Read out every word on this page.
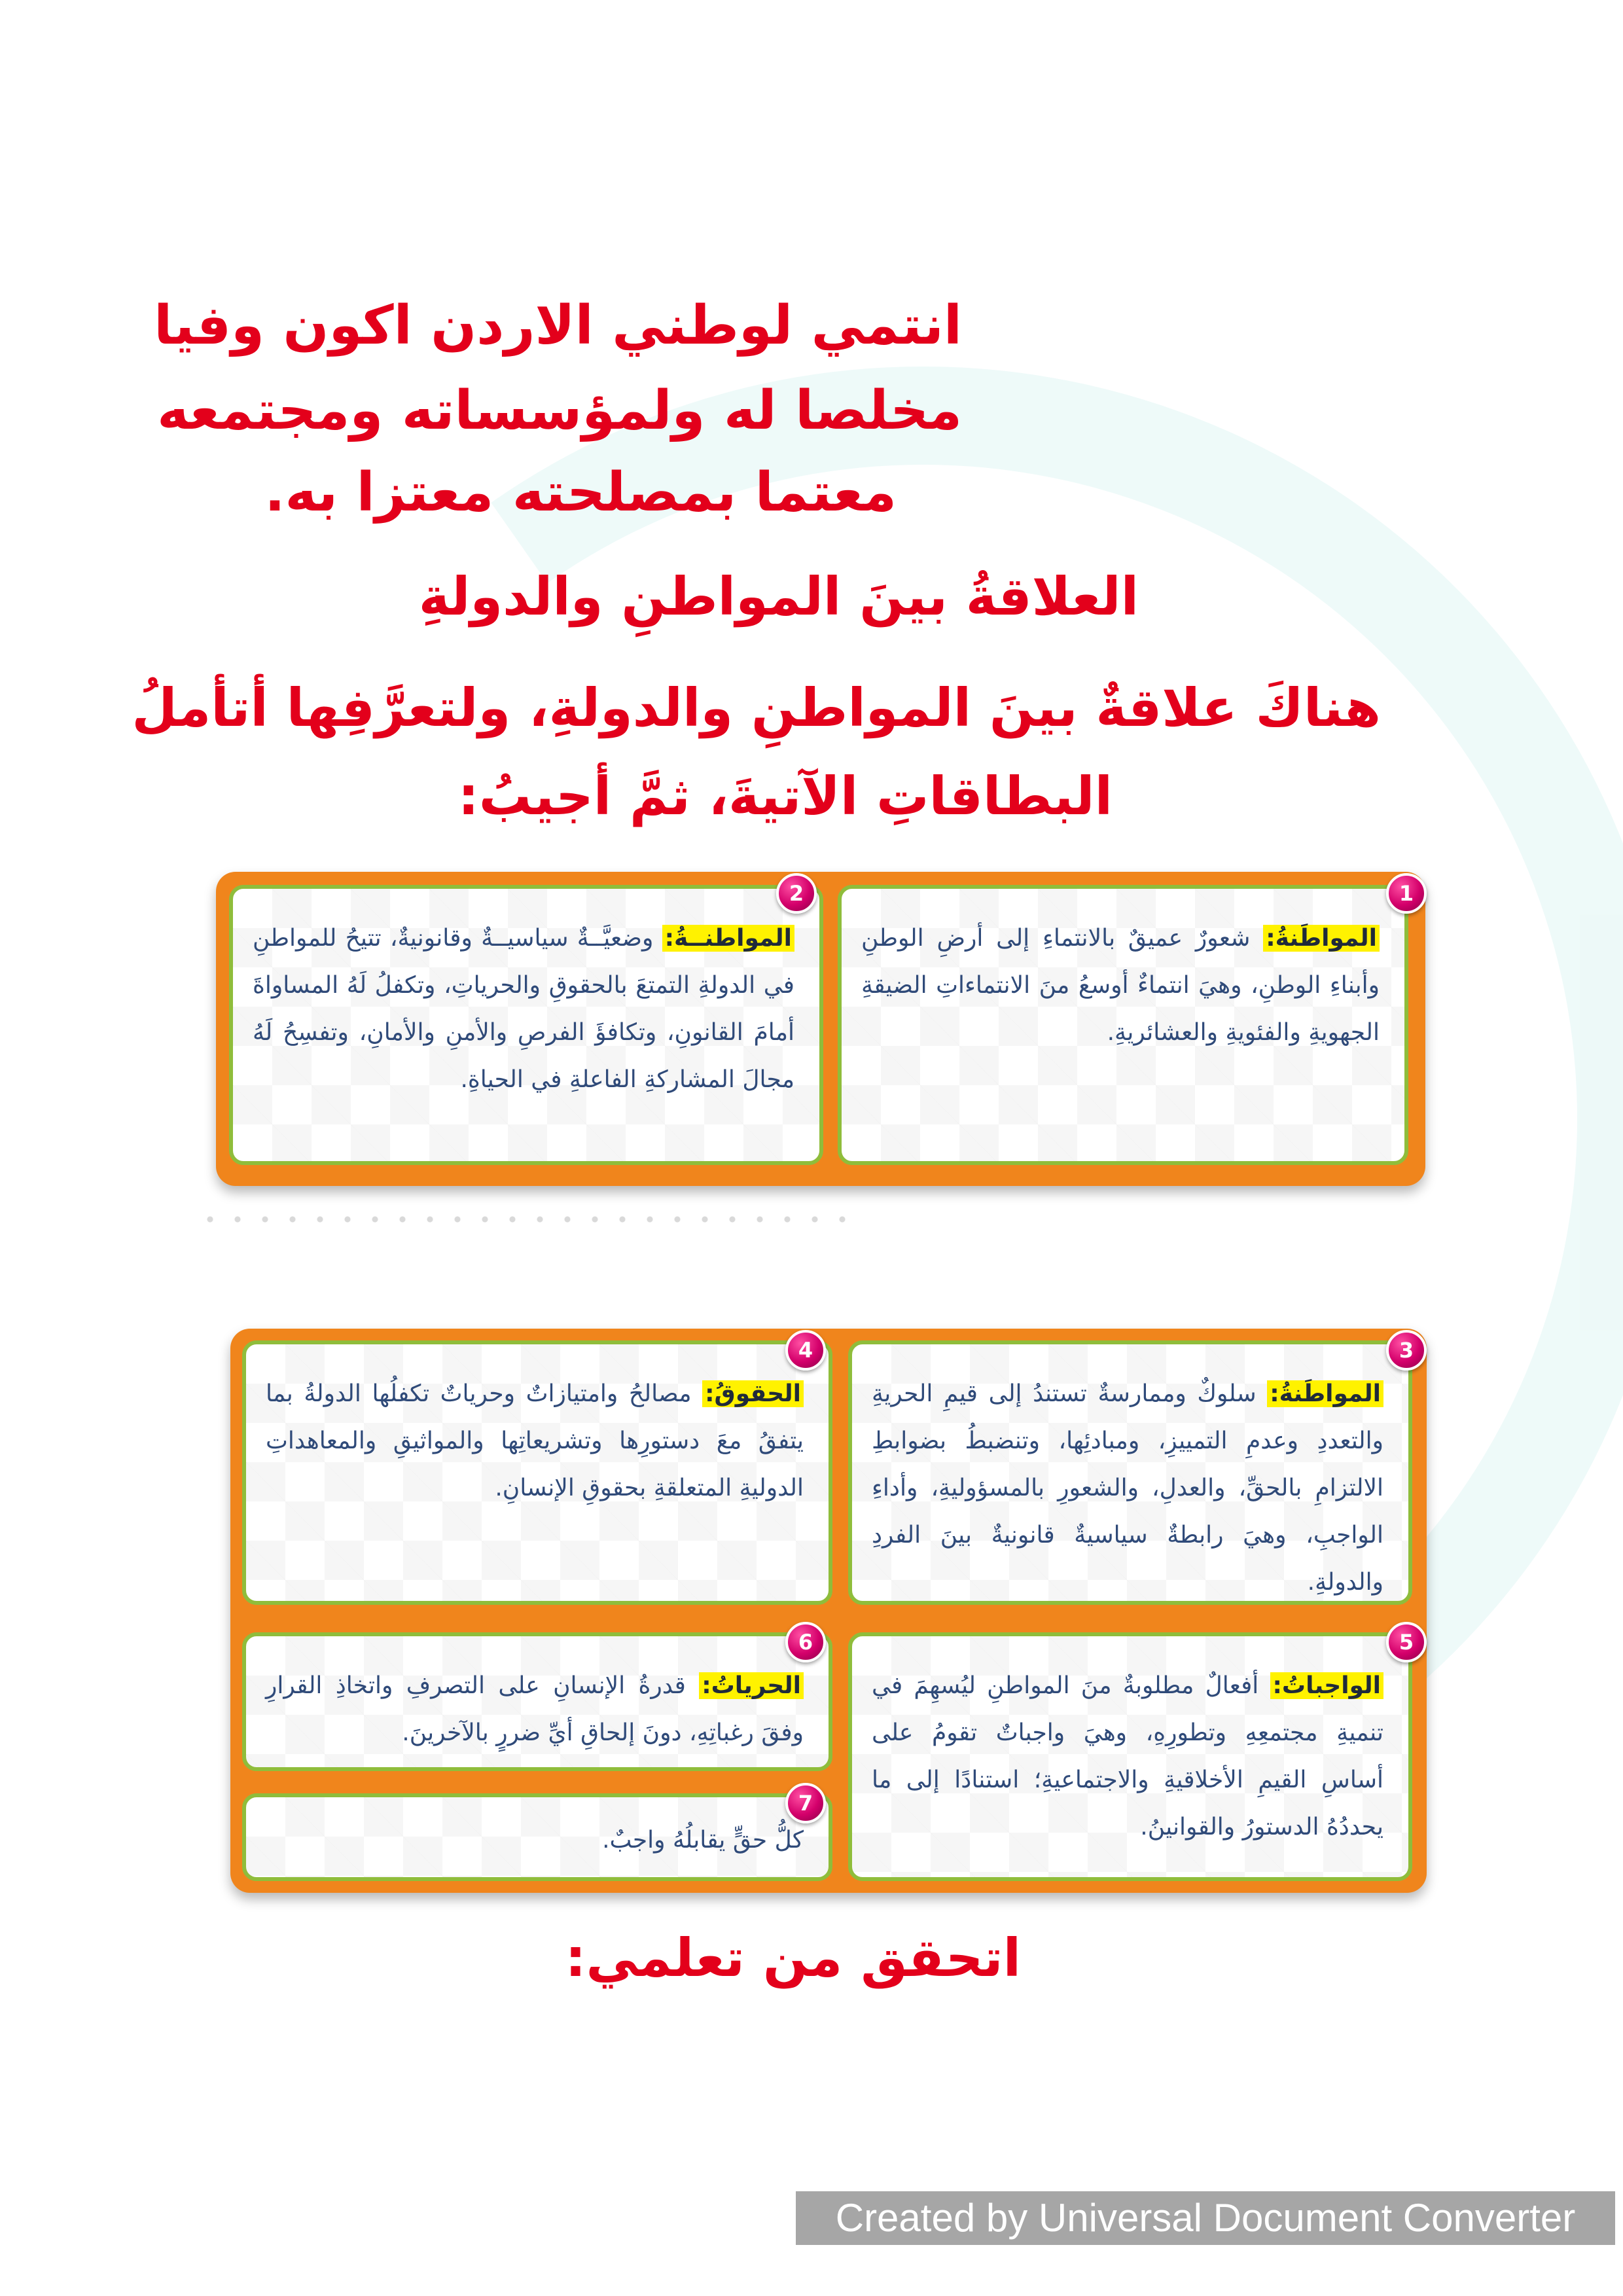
انتمي لوطني الاردن اكون وفيا
مخلصا له ولمؤسساته ومجتمعه
معتما بمصلحته معتزا به.
العلاقةُ بينَ المواطنِ والدولةِ
هناكَ علاقةٌ بينَ المواطنِ والدولةِ، ولتعرَّفِها أتأملُ
البطاقاتِ الآتيةَ، ثمَّ أجيبُ:
المواطَنةُ: شعورٌ عميقٌ بالانتماءِ إلى أرضِ الوطنِ وأبناءِ الوطنِ، وهيَ انتماءٌ أوسعُ منَ الانتماءاتِ الضيقةِ الجهويةِ والفئويةِ والعشائريةِ.
1
المواطنــةُ: وضعيَّــةٌ سياسيــةٌ وقانونيةٌ، تتيحُ للمواطنِ في الدولةِ التمتعَ بالحقوقِ والحرياتِ، وتكفلُ لَهُ المساواةَ أمامَ القانونِ، وتكافؤَ الفرصِ والأمنِ والأمانِ، وتفسِحُ لَهُ مجالَ المشاركةِ الفاعلةِ في الحياةِ.
2
المواطَنةُ: سلوكٌ وممارسةٌ تستندُ إلى قيمِ الحريةِ والتعددِ وعدمِ التمييزِ، ومبادئِها، وتنضبطُ بضوابطِ الالتزامِ بالحقِّ، والعدلِ، والشعورِ بالمسؤوليةِ، وأداءِ الواجبِ، وهيَ رابطةٌ سياسيةٌ قانونيةٌ بينَ الفردِ والدولةِ.
3
الحقوقُ: مصالحُ وامتيازاتٌ وحرياتٌ تكفلُها الدولةُ بما يتفقُ معَ دستورِها وتشريعاتِها والمواثيقِ والمعاهداتِ الدوليةِ المتعلقةِ بحقوقِ الإنسانِ.
4
الواجباتُ: أفعالٌ مطلوبةٌ منَ المواطنِ ليُسهِمَ في تنميةِ مجتمعِهِ وتطورِهِ، وهيَ واجباتٌ تقومُ على أساسِ القيمِ الأخلاقيةِ والاجتماعيةِ؛ استنادًا إلى ما يحددُهُ الدستورُ والقوانينُ.
5
الحرياتُ: قدرةُ الإنسانِ على التصرفِ واتخاذِ القرارِ وفقَ رغباتِهِ، دونَ إلحاقِ أيِّ ضررٍ بالآخرينَ.
6
كلُّ حقٍّ يقابلُهُ واجبٌ.
7
اتحقق من تعلمي:
Created by Universal Document Converter
